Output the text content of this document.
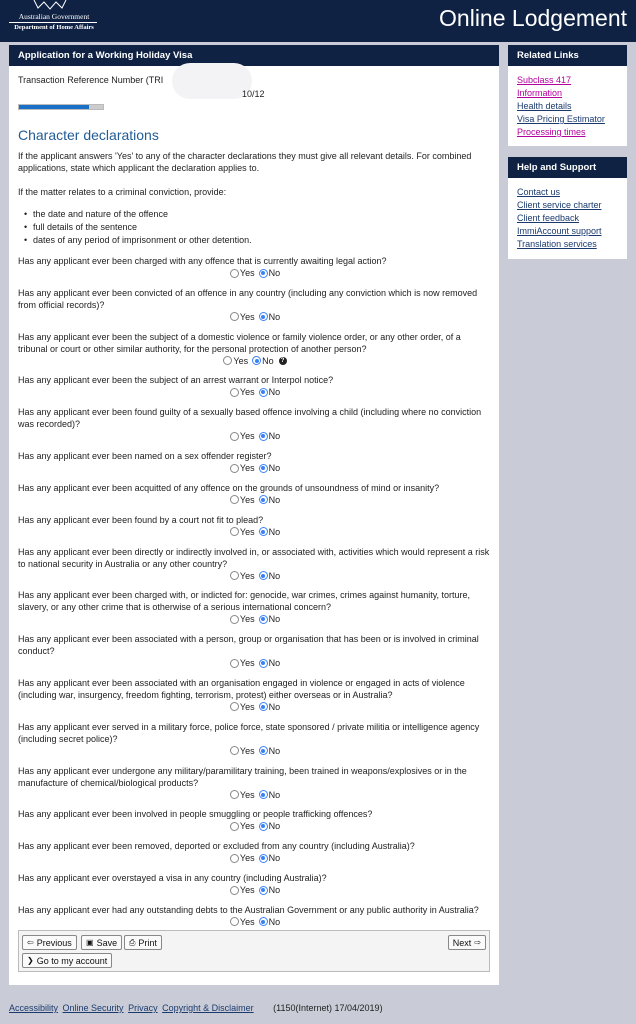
Australian Government
Department of Home Affairs	Online Lodgement
Application for a Working Holiday Visa
Transaction Reference Number (TRI
10/12
Character declarations

If the applicant answers 'Yes' to any of the character declarations they must give all relevant details. For combined applications, state which applicant the declaration applies to.

If the matter relates to a criminal conviction, provide:

• the date and nature of the offence
• full details of the sentence
• dates of any period of imprisonment or other detention.
Has any applicant ever been charged with any offence that is currently awaiting legal action?
Yes No
Has any applicant ever been convicted of an offence in any country (including any conviction which is now removed from official records)?
Yes No
Has any applicant ever been the subject of a domestic violence or family violence order, or any other order, of a tribunal or court or other similar authority, for the personal protection of another person?
Yes No	?
Has any applicant ever been the subject of an arrest warrant or Interpol notice?
Yes No
Has any applicant ever been found guilty of a sexually based offence involving a child (including where no conviction was recorded)?
Yes No
Has any applicant ever been named on a sex offender register?
Yes No
Has any applicant ever been acquitted of any offence on the grounds of unsoundness of mind or insanity?
Yes No
Has any applicant ever been found by a court not fit to plead?
Yes No
Has any applicant ever been directly or indirectly involved in, or associated with, activities which would represent a risk to national security in Australia or any other country?
Yes No
Has any applicant ever been charged with, or indicted for: genocide, war crimes, crimes against humanity, torture, slavery, or any other crime that is otherwise of a serious international concern?
Yes No
Has any applicant ever been associated with a person, group or organisation that has been or is involved in criminal conduct?
Yes No
Has any applicant ever been associated with an organisation engaged in violence or engaged in acts of violence (including war, insurgency, freedom fighting, terrorism, protest) either overseas or in Australia?
Yes No
Has any applicant ever served in a military force, police force, state sponsored / private militia or intelligence agency (including secret police)?
Yes No
Has any applicant ever undergone any military/paramilitary training, been trained in weapons/explosives or in the manufacture of chemical/biological products?
Yes No
Has any applicant ever been involved in people smuggling or people trafficking offences?
Yes No
Has any applicant ever been removed, deported or excluded from any country (including Australia)?
Yes No
Has any applicant ever overstayed a visa in any country (including Australia)?
Yes No
Has any applicant ever had any outstanding debts to the Australian Government or any public authority in Australia?
Yes No
⇦ Previous ▣ Save ⎙ Print	Next ⇨
❯ Go to my account
Related Links
Subclass 417
Information
Health details
Visa Pricing Estimator
Processing times
Help and Support
Contact us
Client service charter
Client feedback
ImmiAccount support
Translation services
Accessibility Online Security Privacy Copyright & Disclaimer (1150(Internet) 17/04/2019)
